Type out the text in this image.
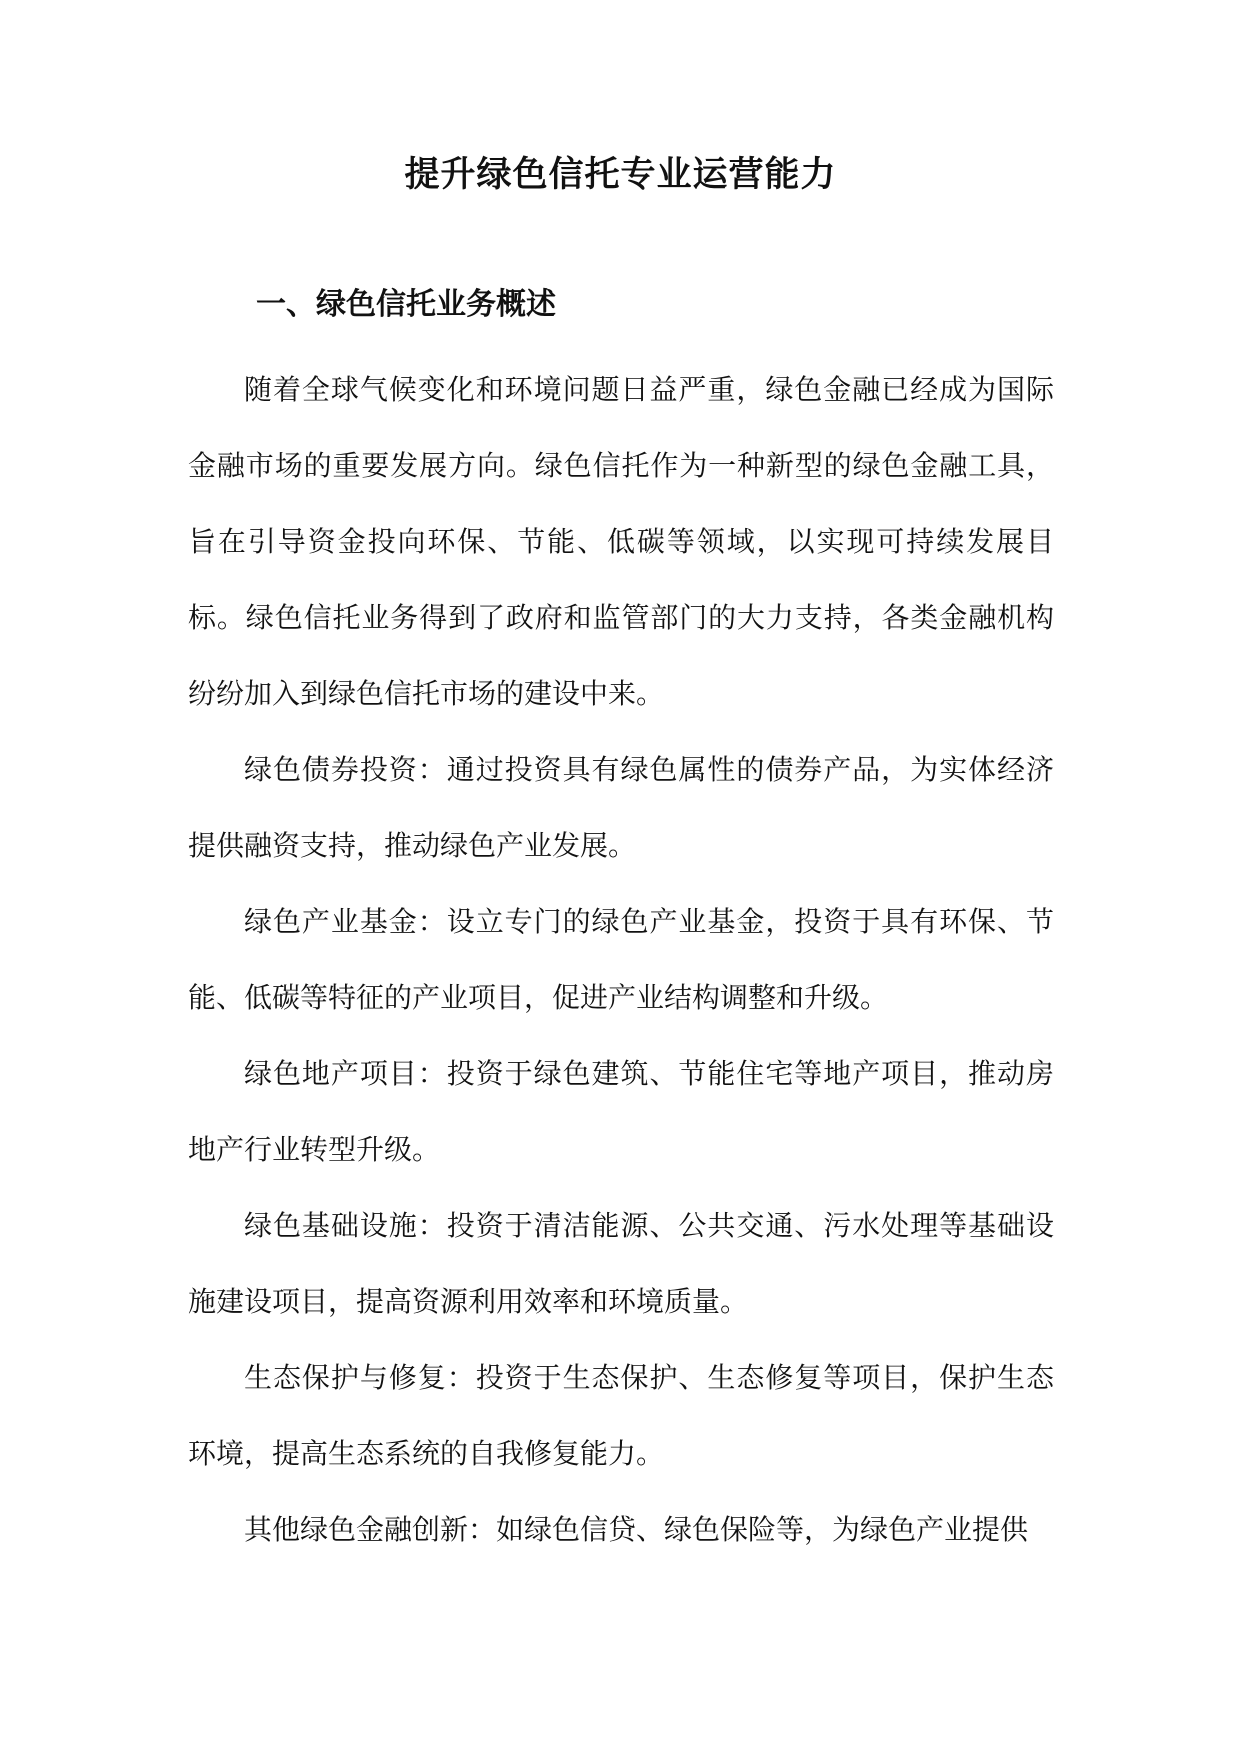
提升绿色信托专业运营能力
一、绿色信托业务概述

随着全球气候变化和环境问题日益严重，绿色金融已经成为国际金融市场的重要发展方向。绿色信托作为一种新型的绿色金融工具，旨在引导资金投向环保、节能、低碳等领域，以实现可持续发展目标。绿色信托业务得到了政府和监管部门的大力支持，各类金融机构纷纷加入到绿色信托市场的建设中来。

绿色债券投资：通过投资具有绿色属性的债券产品，为实体经济提供融资支持，推动绿色产业发展。

绿色产业基金：设立专门的绿色产业基金，投资于具有环保、节能、低碳等特征的产业项目，促进产业结构调整和升级。

绿色地产项目：投资于绿色建筑、节能住宅等地产项目，推动房地产行业转型升级。

绿色基础设施：投资于清洁能源、公共交通、污水处理等基础设施建设项目，提高资源利用效率和环境质量。

生态保护与修复：投资于生态保护、生态修复等项目，保护生态环境，提高生态系统的自我修复能力。

其他绿色金融创新：如绿色信贷、绿色保险等，为绿色产业提供
